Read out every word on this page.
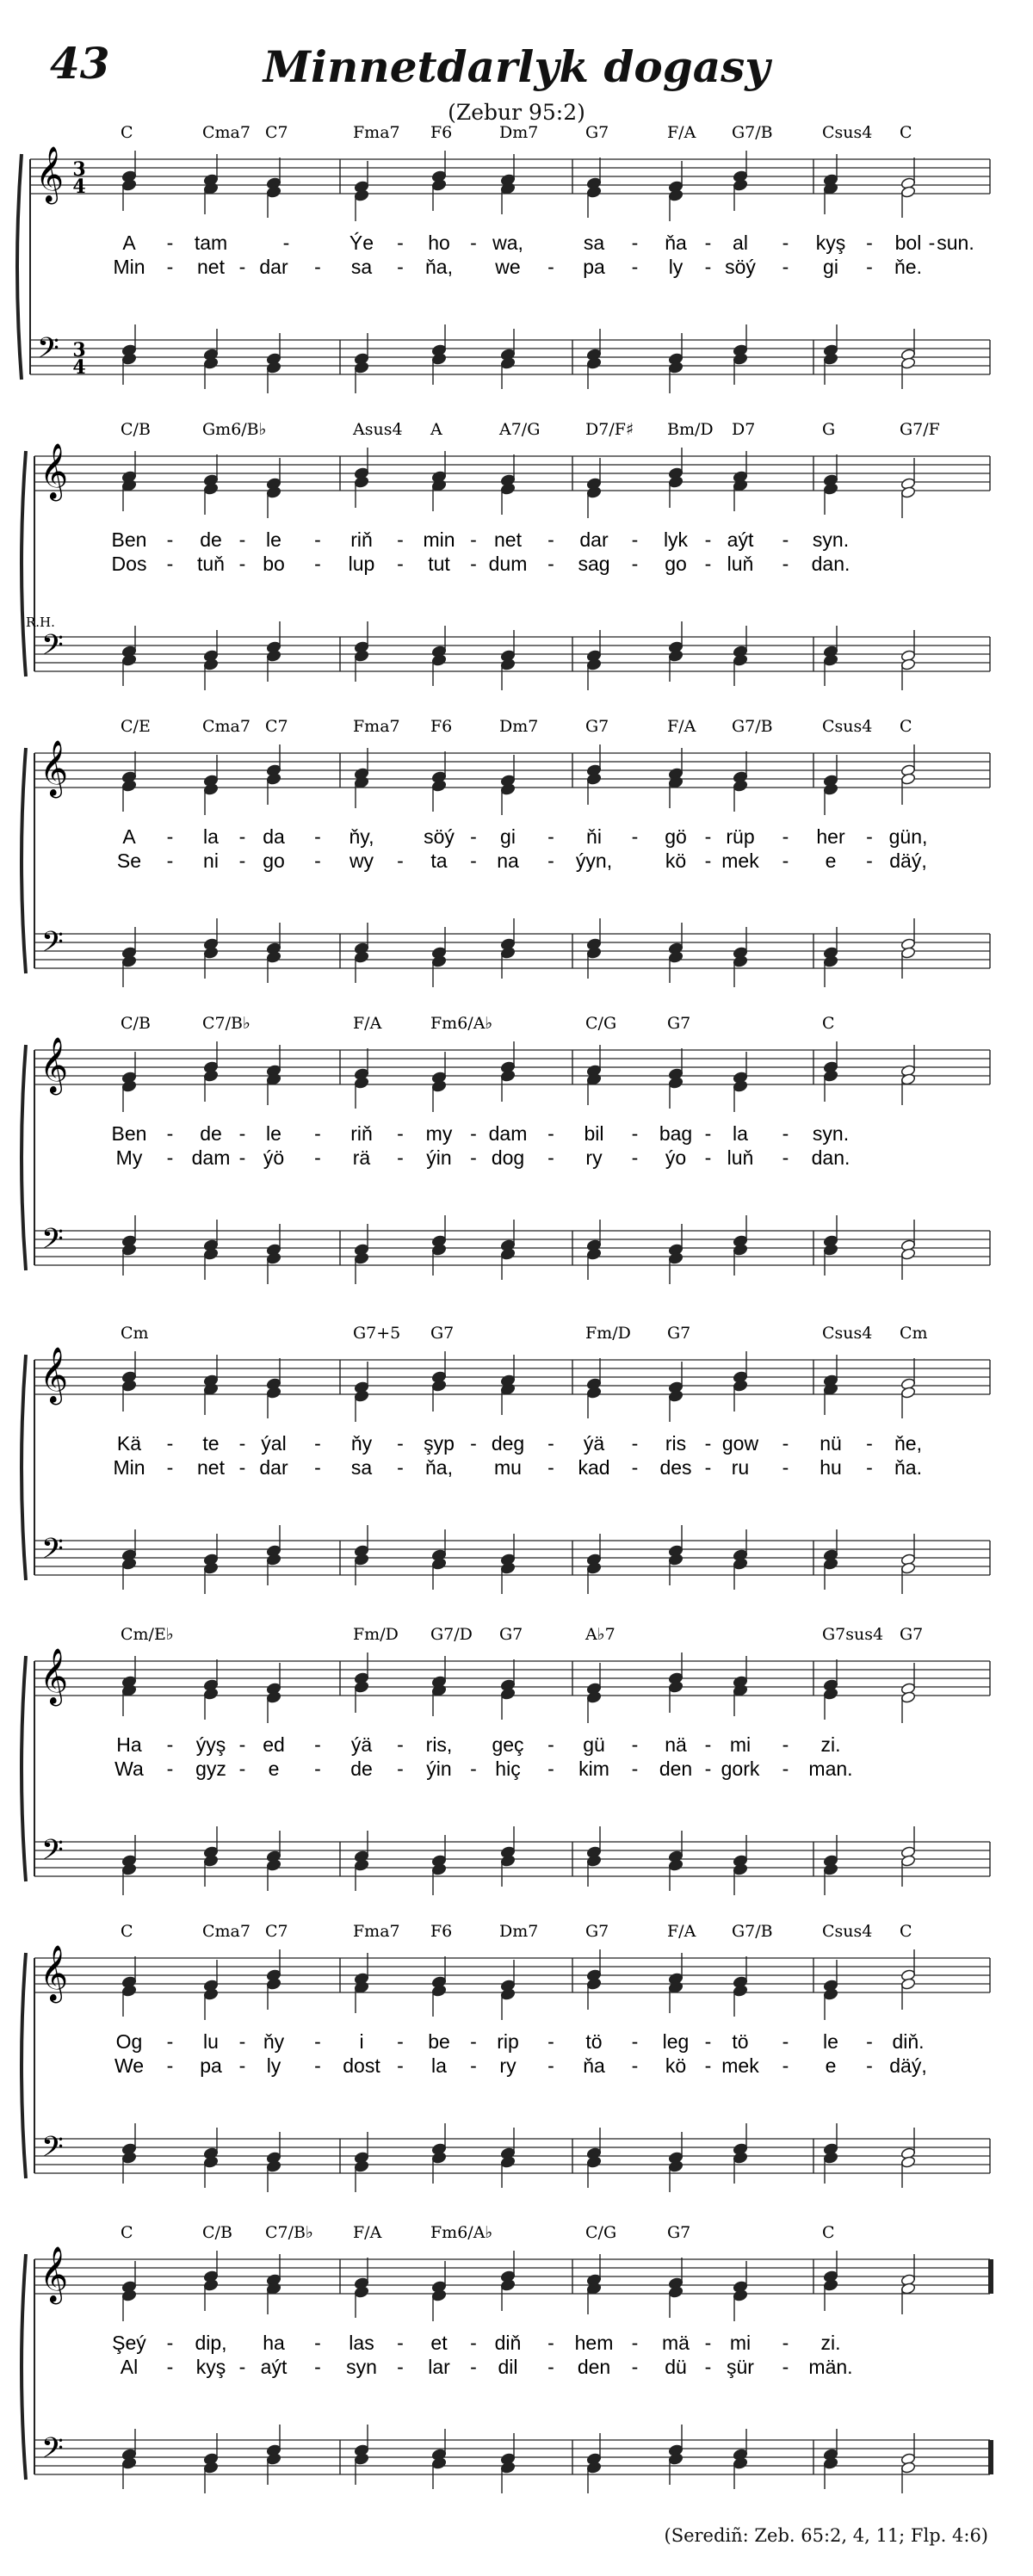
43	Minnetdarlyk dogasy
(Zebur 95:2)
𝄞
𝄢
3
4
3
4
C	Cma7 C7	Fma7 F6	Dm7	G7	F/A G7/B	Csus4 C
A - tam	-	Ýe - ho - wa,	sa - ňa - al - kyş - bol - sun.
Min - net - dar - sa - ňa, we - pa - ly - söý - gi - ňe.
𝄞
𝄢
R.H.
C/B	Gm6/B♭	Asus4 A	A7/G	D7/F♯ Bm/D D7	G	G7/F
Ben - de - le - riň - min - net - dar - lyk - aýt - syn.
Dos - tuň - bo - lup - tut - dum - sag - go - luň - dan.
𝄞
𝄢
C/E	Cma7 C7	Fma7 F6	Dm7	G7	F/A G7/B	Csus4 C
A - la - da - ňy,	söý - gi - ňi - gö - rüp - her - gün,
Se - ni - go - wy - ta - na - ýyn,	kö - mek - e - däý,
𝄞
𝄢
C/B	C7/B♭	F/A	Fm6/A♭	C/G	G7	C
Ben - de - le - riň - my - dam - bil - bag - la - syn.
My - dam - ýö - rä - ýin - dog - ry - ýo - luň - dan.
𝄞
𝄢
Cm	G7+5 G7	Fm/D G7	Csus4 Cm
Kä - te - ýal - ňy - şyp - deg - ýä - ris - gow - nü - ňe,
Min - net - dar - sa - ňa, mu - kad - des - ru - hu - ňa.
𝄞
𝄢
Cm/E♭	Fm/D G7/D G7	A♭7	G7sus4 G7
Ha - ýyş - ed - ýä - ris, geç - gü - nä - mi - zi.
Wa - gyz - e - de - ýin - hiç - kim - den - gork - man.
𝄞
𝄢
C	Cma7 C7	Fma7 F6	Dm7	G7	F/A G7/B	Csus4 C
Og - lu - ňy - i - be - rip - tö - leg - tö - le - diň.
We - pa - ly - dost - la - ry - ňa - kö - mek - e - däý,
𝄞
𝄢
C	C/B C7/B♭ F/A	Fm6/A♭	C/G	G7	C
Şeý - dip, ha - las - et - diň - hem - mä - mi - zi.
Al - kyş - aýt - syn - lar - dil - den - dü - şür - män.
(Serediñ: Zeb. 65:2, 4, 11; Flp. 4:6)
